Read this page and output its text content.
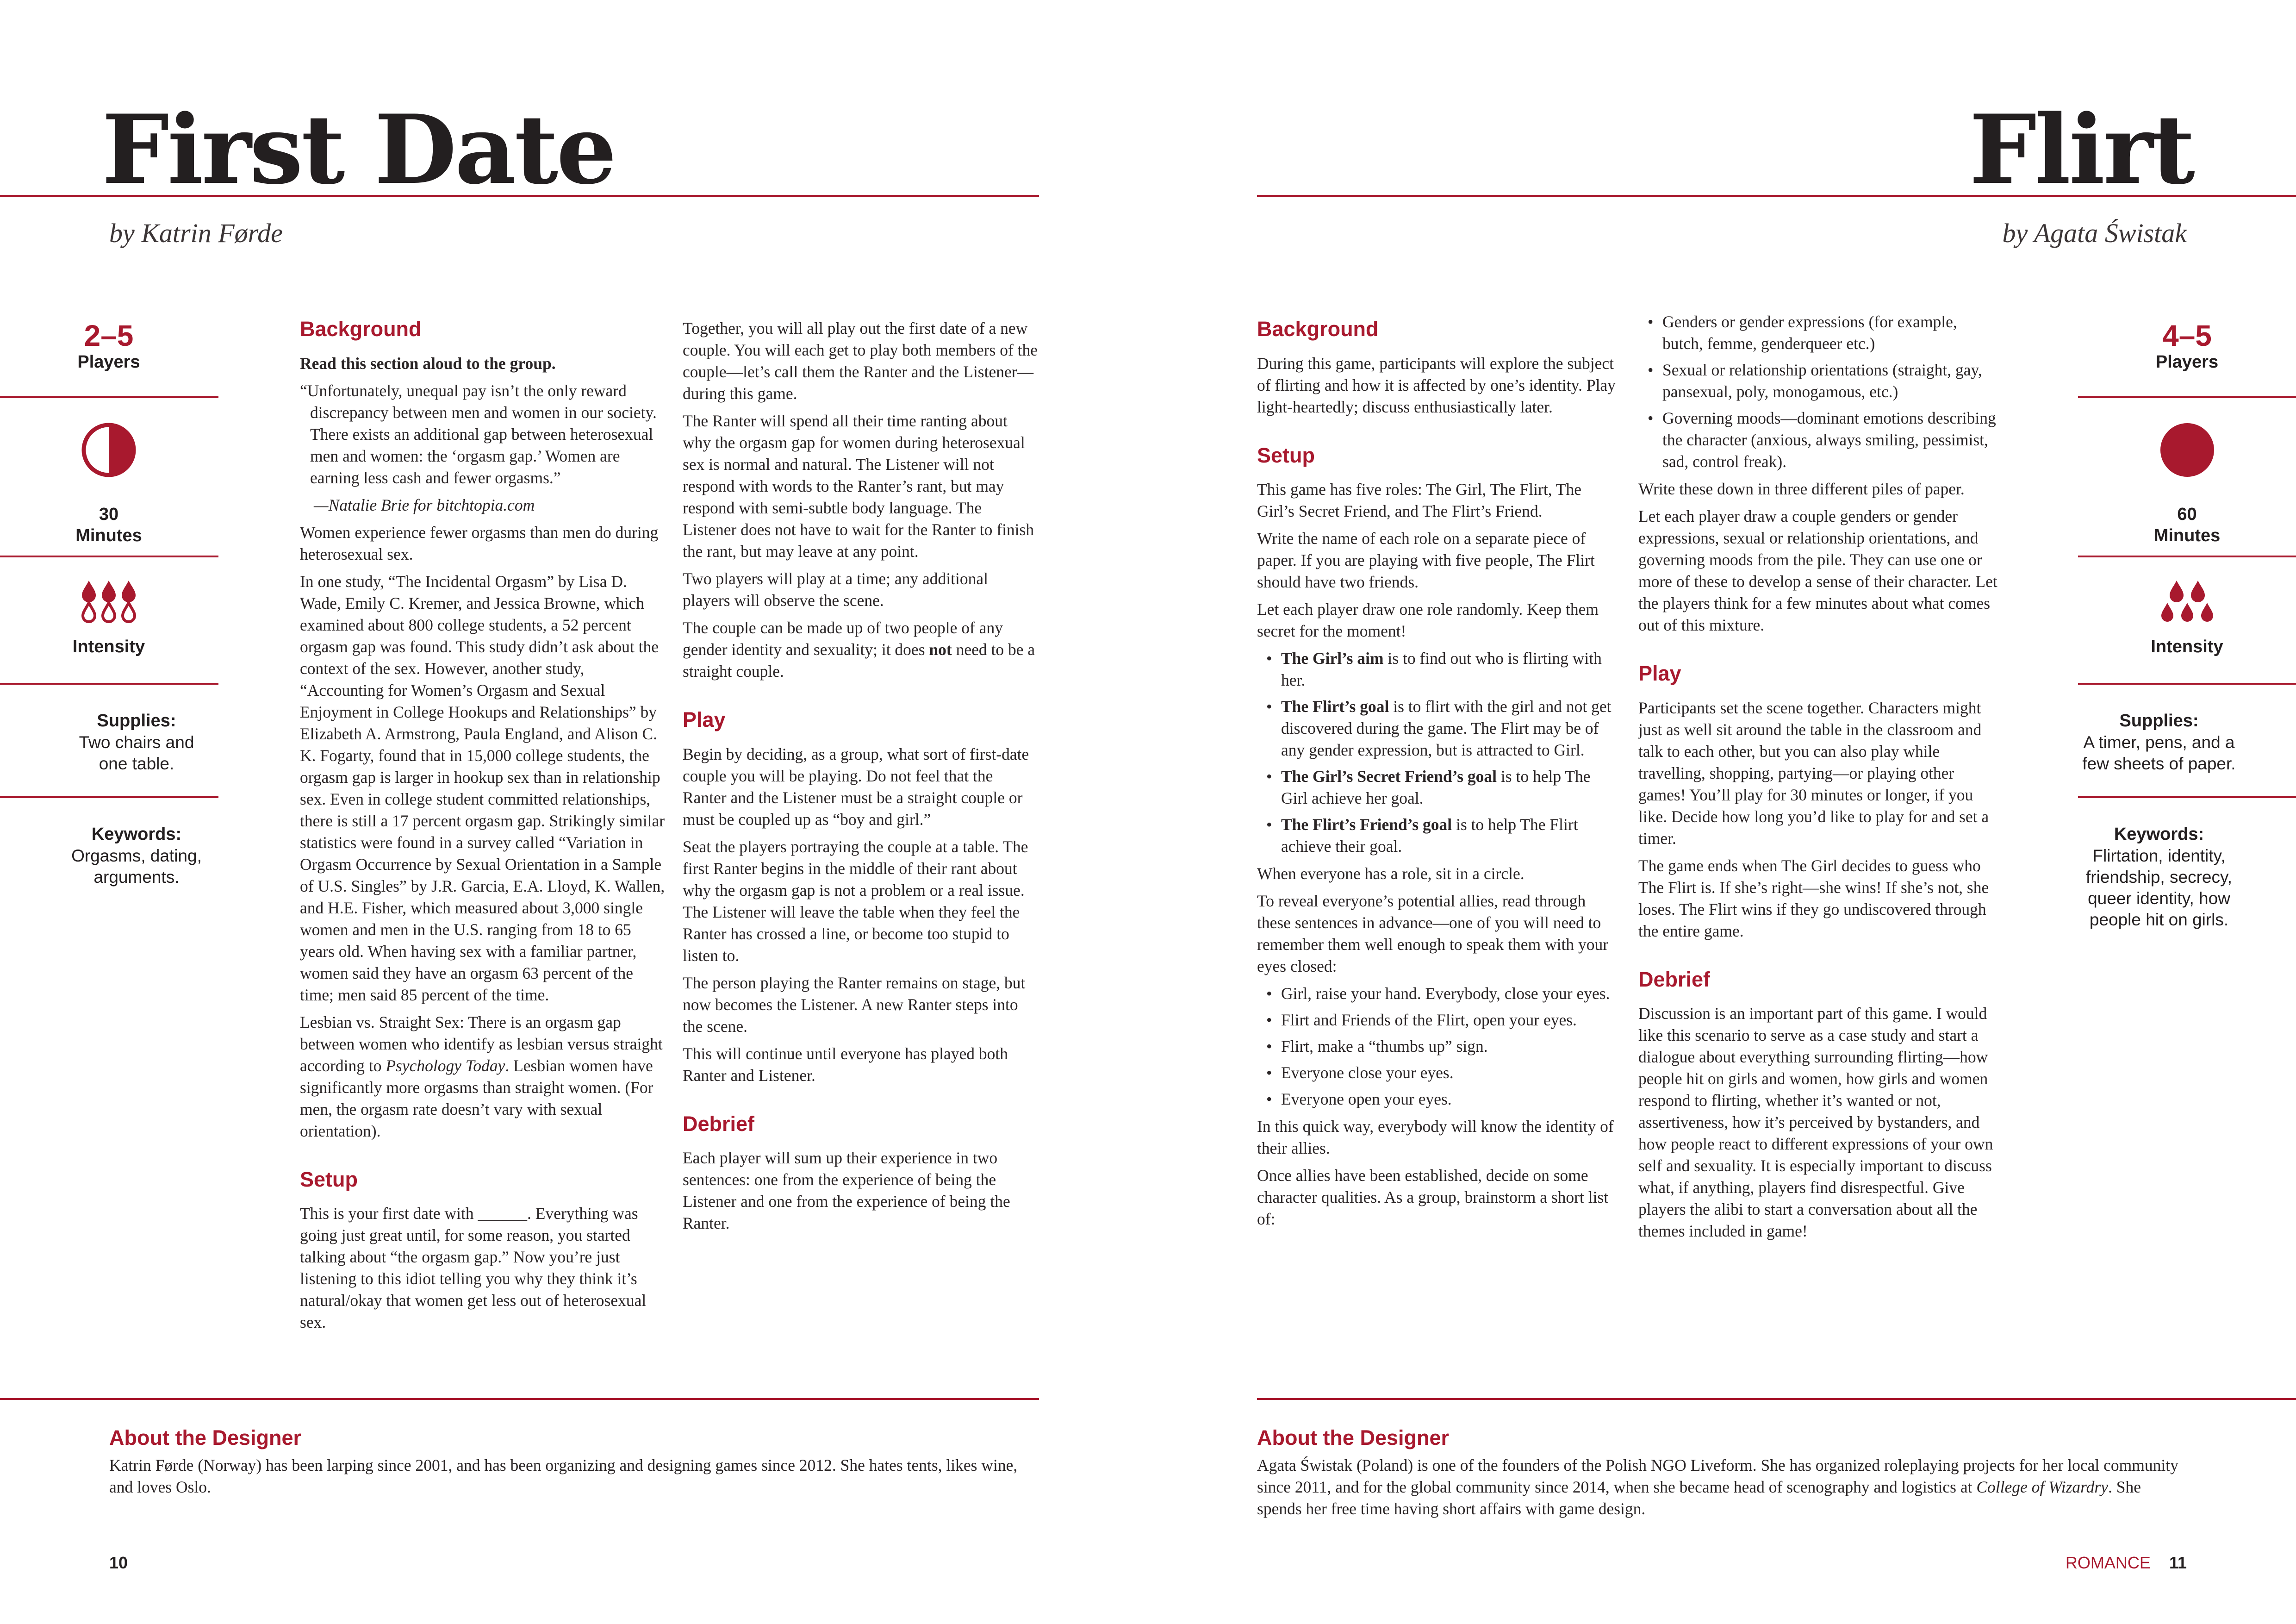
First Date

by Katrin Førde

2–5
Players
30
Minutes
Intensity
Supplies:
Two chairs and one table.
Keywords:
Orgasms, dating, arguments.
Background

Read this section aloud to the group.

“Unfortunately, unequal pay isn’t the only reward discrepancy between men and women in our society. There exists an additional gap between heterosexual men and women: the ‘orgasm gap.’ Women are earning less cash and fewer orgasms.”

—Natalie Brie for bitchtopia.com

Women experience fewer orgasms than men do during heterosexual sex.

In one study, “The Incidental Orgasm” by Lisa D. Wade, Emily C. Kremer, and Jessica Browne, which examined about 800 college students, a 52 percent orgasm gap was found. This study didn’t ask about the context of the sex. However, another study, “Accounting for Women’s Orgasm and Sexual Enjoyment in College Hookups and Relationships” by Elizabeth A. Armstrong, Paula England, and Alison C. K. Fogarty, found that in 15,000 college students, the orgasm gap is larger in hookup sex than in relationship sex. Even in college student committed relationships, there is still a 17 percent orgasm gap. Strikingly similar statistics were found in a survey called “Variation in Orgasm Occurrence by Sexual Orientation in a Sample of U.S. Singles” by J.R. Garcia, E.A. Lloyd, K. Wallen, and H.E. Fisher, which measured about 3,000 single women and men in the U.S. ranging from 18 to 65 years old. When having sex with a familiar partner, women said they have an orgasm 63 percent of the time; men said 85 percent of the time.

Lesbian vs. Straight Sex: There is an orgasm gap between women who identify as lesbian versus straight according to Psychology Today. Lesbian women have significantly more orgasms than straight women. (For men, the orgasm rate doesn’t vary with sexual orientation).

Setup

This is your first date with ______. Everything was going just great until, for some reason, you started talking about “the orgasm gap.” Now you’re just listening to this idiot telling you why they think it’s natural/okay that women get less out of heterosexual sex.

Together, you will all play out the first date of a new couple. You will each get to play both members of the couple—let’s call them the Ranter and the Listener—during this game.

The Ranter will spend all their time ranting about why the orgasm gap for women during heterosexual sex is normal and natural. The Listener will not respond with words to the Ranter’s rant, but may respond with semi-subtle body language. The Listener does not have to wait for the Ranter to finish the rant, but may leave at any point.

Two players will play at a time; any additional players will observe the scene.

The couple can be made up of two people of any gender identity and sexuality; it does not need to be a straight couple.

Play

Begin by deciding, as a group, what sort of first-date couple you will be playing. Do not feel that the Ranter and the Listener must be a straight couple or must be coupled up as “boy and girl.”

Seat the players portraying the couple at a table. The first Ranter begins in the middle of their rant about why the orgasm gap is not a problem or a real issue. The Listener will leave the table when they feel the Ranter has crossed a line, or become too stupid to listen to.

The person playing the Ranter remains on stage, but now becomes the Listener. A new Ranter steps into the scene.

This will continue until everyone has played both Ranter and Listener.

Debrief

Each player will sum up their experience in two sentences: one from the experience of being the Listener and one from the experience of being the Ranter.

About the Designer

Katrin Førde (Norway) has been larping since 2001, and has been organizing and designing games since 2012. She hates tents, likes wine, and loves Oslo.

10
Flirt

by Agata Świstak

Background

During this game, participants will explore the subject of flirting and how it is affected by one’s identity. Play light-heartedly; discuss enthusiastically later.

Setup

This game has five roles: The Girl, The Flirt, The Girl’s Secret Friend, and The Flirt’s Friend.

Write the name of each role on a separate piece of paper. If you are playing with five people, The Flirt should have two friends.

Let each player draw one role randomly. Keep them secret for the moment!

• The Girl’s aim is to find out who is flirting with her.
• The Flirt’s goal is to flirt with the girl and not get discovered during the game. The Flirt may be of any gender expression, but is attracted to Girl.
• The Girl’s Secret Friend’s goal is to help The Girl achieve her goal.
• The Flirt’s Friend’s goal is to help The Flirt achieve their goal.

When everyone has a role, sit in a circle.

To reveal everyone’s potential allies, read through these sentences in advance—one of you will need to remember them well enough to speak them with your eyes closed:

• Girl, raise your hand. Everybody, close your eyes.
• Flirt and Friends of the Flirt, open your eyes.
• Flirt, make a “thumbs up” sign.
• Everyone close your eyes.
• Everyone open your eyes.

In this quick way, everybody will know the identity of their allies.

Once allies have been established, decide on some character qualities. As a group, brainstorm a short list of:

• Genders or gender expressions (for example, butch, femme, genderqueer etc.)
• Sexual or relationship orientations (straight, gay, pansexual, poly, monogamous, etc.)
• Governing moods—dominant emotions describing the character (anxious, always smiling, pessimist, sad, control freak).

Write these down in three different piles of paper.

Let each player draw a couple genders or gender expressions, sexual or relationship orientations, and governing moods from the pile. They can use one or more of these to develop a sense of their character. Let the players think for a few minutes about what comes out of this mixture.

Play

Participants set the scene together. Characters might just as well sit around the table in the classroom and talk to each other, but you can also play while travelling, shopping, partying—or playing other games! You’ll play for 30 minutes or longer, if you like. Decide how long you’d like to play for and set a timer.

The game ends when The Girl decides to guess who The Flirt is. If she’s right—she wins! If she’s not, she loses. The Flirt wins if they go undiscovered through the entire game.

Debrief

Discussion is an important part of this game. I would like this scenario to serve as a case study and start a dialogue about everything surrounding flirting—how people hit on girls and women, how girls and women respond to flirting, whether it’s wanted or not, assertiveness, how it’s perceived by bystanders, and how people react to different expressions of your own self and sexuality. It is especially important to discuss what, if anything, players find disrespectful. Give players the alibi to start a conversation about all the themes included in game!

4–5
Players
60
Minutes
Intensity
Supplies:
A timer, pens, and a few sheets of paper.
Keywords:
Flirtation, identity, friendship, secrecy, queer identity, how people hit on girls.
About the Designer

Agata Świstak (Poland) is one of the founders of the Polish NGO Liveform. She has organized roleplaying projects for her local community since 2011, and for the global community since 2014, when she became head of scenography and logistics at College of Wizardry. She spends her free time having short affairs with game design.

ROMANCE 11
